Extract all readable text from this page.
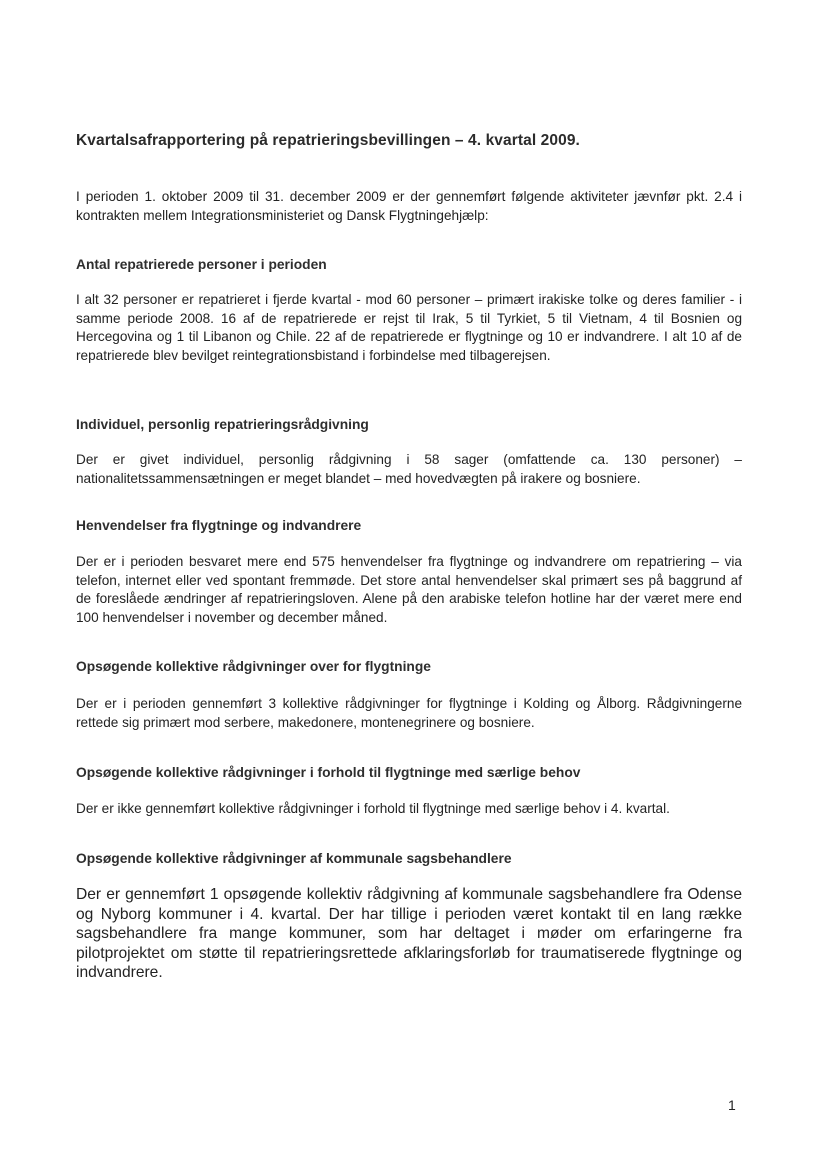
Kvartalsafrapportering på repatrieringsbevillingen – 4. kvartal 2009.

I perioden 1. oktober 2009 til 31. december 2009 er der gennemført følgende aktiviteter jævnfør pkt. 2.4 i kontrakten mellem Integrationsministeriet og Dansk Flygtningehjælp:

Antal repatrierede personer i perioden

I alt 32 personer er repatrieret i fjerde kvartal - mod 60 personer – primært irakiske tolke og deres familier - i samme periode 2008. 16 af de repatrierede er rejst til Irak, 5 til Tyrkiet, 5 til Vietnam, 4 til Bosnien og Hercegovina og 1 til Libanon og Chile. 22 af de repatrierede er flygtninge og 10 er indvandrere. I alt 10 af de repatrierede blev bevilget reintegrationsbistand i forbindelse med tilbagerejsen.

Individuel, personlig repatrieringsrådgivning

Der er givet individuel, personlig rådgivning i 58 sager (omfattende ca. 130 personer) – nationalitetssammensætningen er meget blandet – med hovedvægten på irakere og bosniere.

Henvendelser fra flygtninge og indvandrere

Der er i perioden besvaret mere end 575 henvendelser fra flygtninge og indvandrere om repatriering – via telefon, internet eller ved spontant fremmøde. Det store antal henvendelser skal primært ses på baggrund af de foreslåede ændringer af repatrieringsloven. Alene på den arabiske telefon hotline har der været mere end 100 henvendelser i november og december måned.

Opsøgende kollektive rådgivninger over for flygtninge

Der er i perioden gennemført 3 kollektive rådgivninger for flygtninge i Kolding og Ålborg. Rådgivningerne rettede sig primært mod serbere, makedonere, montenegrinere og bosniere.

Opsøgende kollektive rådgivninger i forhold til flygtninge med særlige behov

Der er ikke gennemført kollektive rådgivninger i forhold til flygtninge med særlige behov i 4. kvartal.

Opsøgende kollektive rådgivninger af kommunale sagsbehandlere

Der er gennemført 1 opsøgende kollektiv rådgivning af kommunale sagsbehandlere fra Odense og Nyborg kommuner i 4. kvartal. Der har tillige i perioden været kontakt til en lang række sagsbehandlere fra mange kommuner, som har deltaget i møder om erfaringerne fra pilotprojektet om støtte til repatrieringsrettede afklaringsforløb for traumatiserede flygtninge og indvandrere.

1
